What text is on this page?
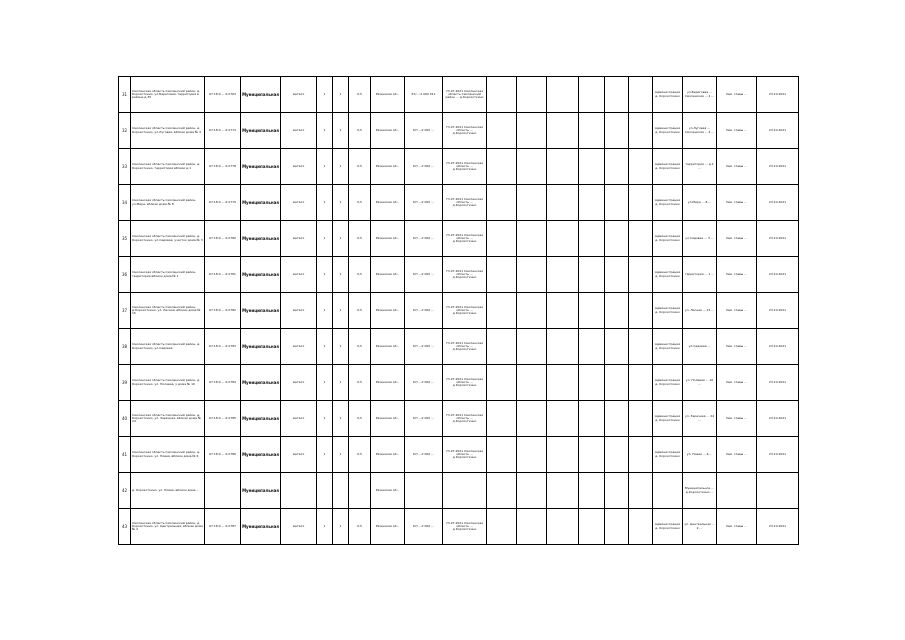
31	Смоленская область Смоленский район, д. Корохоткино, ул.Береговая, территория в районе д.35	67:18:0 ... 0:2763	Муниципальная	металл	1	1	0,5	Рязанская об...	67/...:2 000 011	73.07.2021 Смоленская область Смоленский район ... д.Корохоткино							Администрация д. Корохоткино	ул.Береговая ... Смоленская ... 2 ...	Зам. главы ...	23.10.2021
32	Смоленская область Смоленский район, д. Корохоткино, ул.Луговая, вблизи дома № 4	67:18:0 ... 0:2774	Муниципальная	металл	1	1	0,5	Рязанская об...	67/...:2 000 ...	73.07.2021 Смоленская область ... д.Корохоткино							Администрация д. Корохоткино	ул.Луговая ... Смоленская ... 4 ...	Зам. главы ...	23.10.2021
33	Смоленская область Смоленский район, д. Корохоткино, территория вблизи д.1	67:18:0 ... 0:2778	Муниципальная	металл	1	1	0,5	Рязанская об...	67/...:2 000 ...	73.07.2021 Смоленская область ... д.Корохоткино							Администрация д. Корохоткино	территория ... д.1 ...	Зам. главы ...	23.10.2021
34	Смоленская область Смоленский район, ул.Мира, вблизи дома № 8	67:18:0 ... 0:2779	Муниципальная	металл	1	1	0,5	Рязанская об...	67/...:2 000 ...	73.07.2021 Смоленская область ... д.Корохоткино							Администрация д. Корохоткино	ул.Мира ... 8 ...	Зам. главы ...	23.10.2021
35	Смоленская область Смоленский район, д. Корохоткино, ул.Садовая, участок дома № 3	67:18:0 ... 0:2780	Муниципальная	металл	1	1	0,5	Рязанская об...	67/...:2 000 ...	73.07.2021 Смоленская область ... д.Корохоткино							Администрация д. Корохоткино	ул.Садовая ... 3 ...	Зам. главы ...	23.10.2021
36	Смоленская область Смоленский район, территория вблизи дома № 1	67:18:0 ... 0:2781	Муниципальная	металл	1	1	0,5	Рязанская об...	67/...:2 000 ...	73.07.2021 Смоленская область ... д.Корохоткино							Администрация д. Корохоткино	территория ... 1 ...	Зам. главы ...	23.10.2021
37	Смоленская область Смоленский район, д.Корохоткино, ул. Лесная, вблизи дома № 15	67:18:0 ... 0:2782	Муниципальная	металл	1	1	0,5	Рязанская об...	67/...:2 000 ...	73.07.2021 Смоленская область ... д.Корохоткино							Администрация д. Корохоткино	ул. Лесная ... 15 ...	Зам. главы ...	23.10.2021
38	Смоленская область Смоленский район, д. Корохоткино, ул.Садовая	67:18:0 ... 0:2783	Муниципальная	металл	1	1	0,5	Рязанская об...	67/...:2 000 ...	73.07.2021 Смоленская область ... д.Корохоткино							Администрация д. Корохоткино	ул.Садовая ...	Зам. главы ...	23.10.2021
39	Смоленская область Смоленский район, д. Корохоткино, ул. Полевая, у дома № 10	67:18:0 ... 0:2784	Муниципальная	металл	1	1	0,5	Рязанская об...	67/...:2 000 ...	73.07.2021 Смоленская область ... д.Корохоткино							Администрация д. Корохоткино	ул. Полевая ... 10 ...	Зам. главы ...	23.10.2021
40	Смоленская область Смоленский район, д. Корохоткино, ул. Заречная, вблизи дома № 24	67:18:0 ... 0:2785	Муниципальная	металл	1	1	0,5	Рязанская об...	67/...:2 000 ...	73.07.2021 Смоленская область ... д.Корохоткино							Администрация д. Корохоткино	ул. Заречная ... 24 ...	Зам. главы ...	23.10.2021
41	Смоленская область Смоленский район, д. Корохоткино, ул. Новая, вблизи дома № 6	67:18:0 ... 0:2786	Муниципальная	металл	1	1	0,5	Рязанская об...	67/...:2 000 ...	73.07.2021 Смоленская область ... д.Корохоткино							Администрация д. Корохоткино	ул. Новая ... 6 ...	Зам. главы ...	23.10.2021
42	д. Корохоткино, ул. Новая, вблизи дома ...		Муниципальная					Рязанская об...										Муниципальное ... д.Корохоткино ...		
43	Смоленская область Смоленский район, д. Корохоткино, ул. Центральная, вблизи дома № 2	67:18:0 ... 0:2787	Муниципальная	металл	1	1	0,5	Рязанская об...	67/...:2 000 ...	73.07.2021 Смоленская область ... д.Корохоткино							Администрация д. Корохоткино	ул. Центральная ... 2 ...	Зам. главы ...	23.10.2021
